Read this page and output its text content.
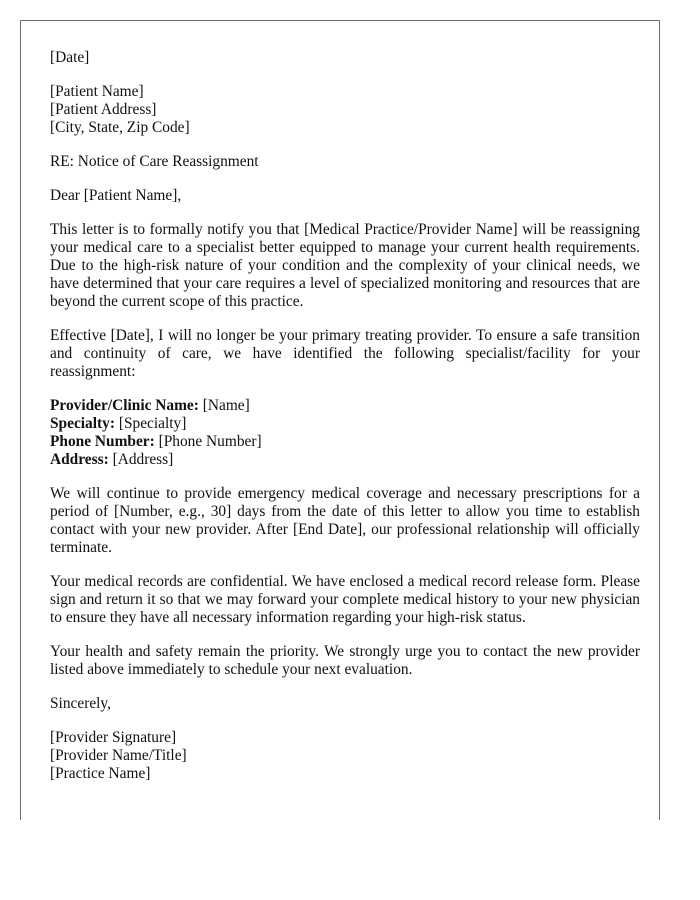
[Date]
[Patient Name]
[Patient Address]
[City, State, Zip Code]
RE: Notice of Care Reassignment
Dear [Patient Name],

This letter is to formally notify you that [Medical Practice/Provider Name] will be reassigning your medical care to a specialist better equipped to manage your current health requirements. Due to the high-risk nature of your condition and the complexity of your clinical needs, we have determined that your care requires a level of specialized monitoring and resources that are beyond the current scope of this practice.

Effective [Date], I will no longer be your primary treating provider. To ensure a safe transition and continuity of care, we have identified the following specialist/facility for your reassignment:

Provider/Clinic Name: [Name]
Specialty: [Specialty]
Phone Number: [Phone Number]
Address: [Address]

We will continue to provide emergency medical coverage and necessary prescriptions for a period of [Number, e.g., 30] days from the date of this letter to allow you time to establish contact with your new provider. After [End Date], our professional relationship will officially terminate.

Your medical records are confidential. We have enclosed a medical record release form. Please sign and return it so that we may forward your complete medical history to your new physician to ensure they have all necessary information regarding your high-risk status.

Your health and safety remain the priority. We strongly urge you to contact the new provider listed above immediately to schedule your next evaluation.

Sincerely,
[Provider Signature]
[Provider Name/Title]
[Practice Name]
